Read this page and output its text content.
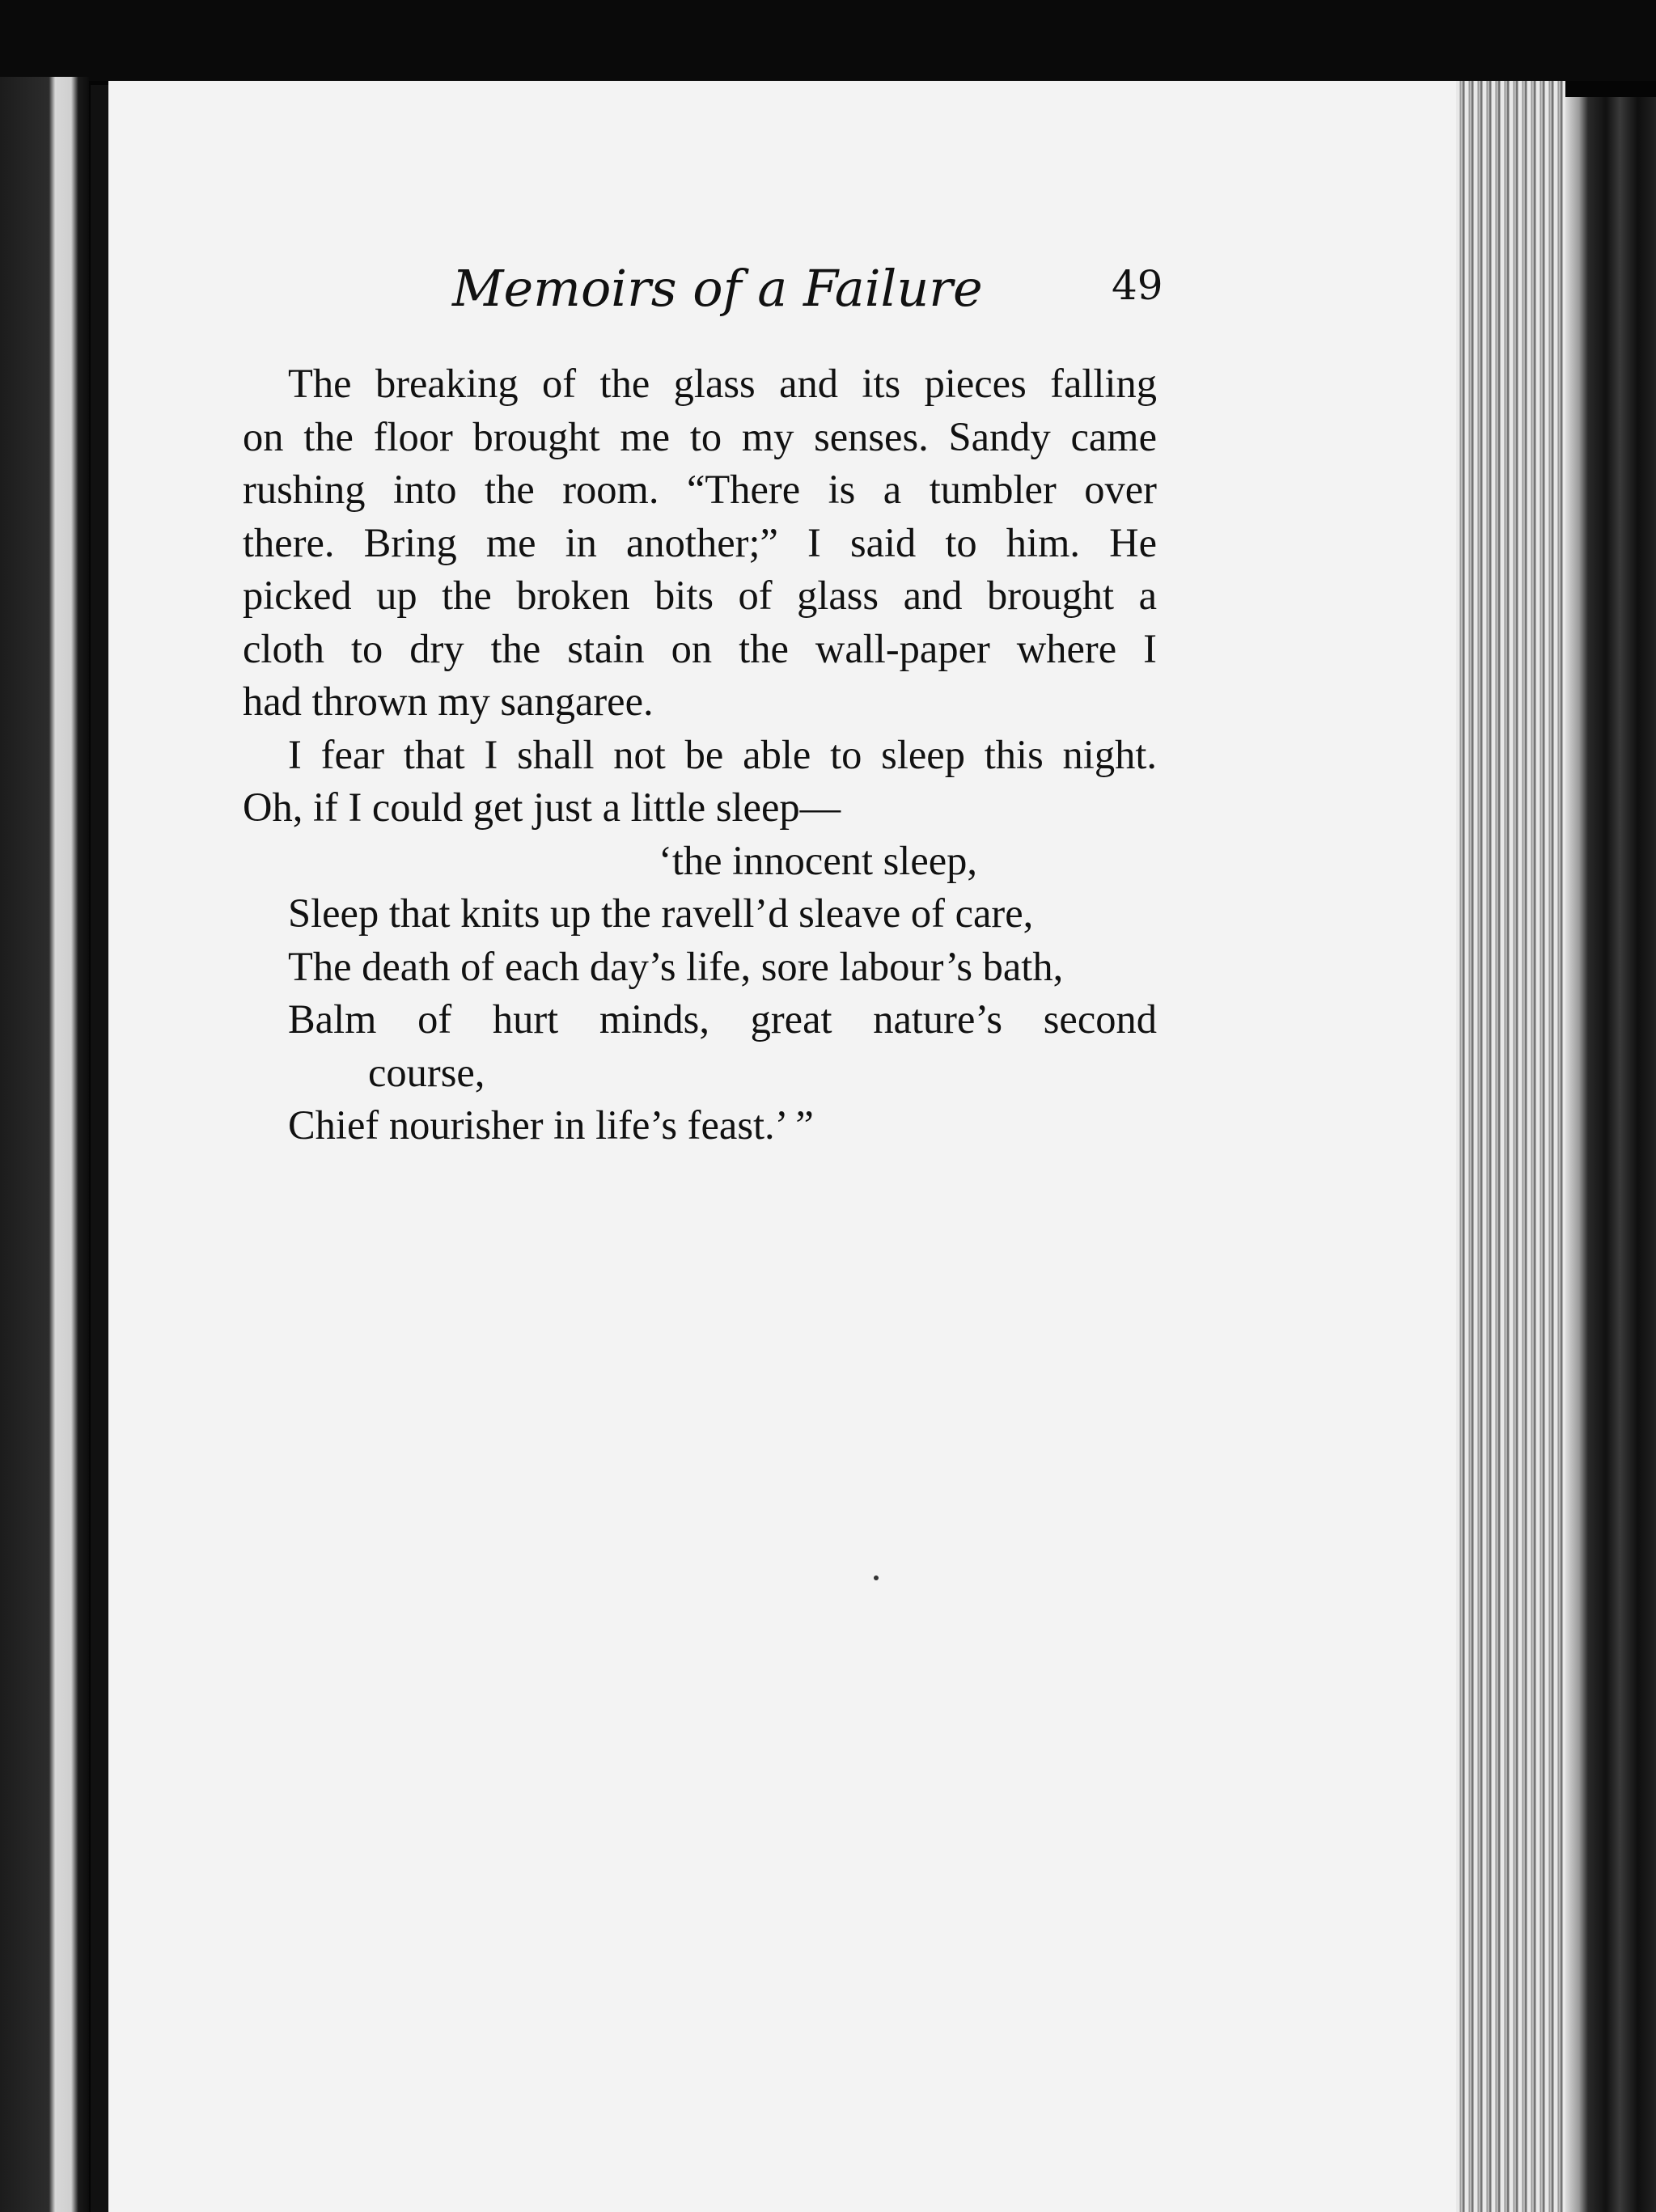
Memoirs of a Failure	49
The breaking of the glass and its pieces falling
on the floor brought me to my senses. Sandy came
rushing into the room. “There is a tumbler over
there. Bring me in another;” I said to him. He
picked up the broken bits of glass and brought a
cloth to dry the stain on the wall-paper where I
had thrown my sangaree.
I fear that I shall not be able to sleep this night.
Oh, if I could get just a little sleep—
‘the innocent sleep,
Sleep that knits up the ravell’d sleave of care,
The death of each day’s life, sore labour’s bath,
Balm of hurt minds, great nature’s second
course,
Chief nourisher in life’s feast.’ ”
